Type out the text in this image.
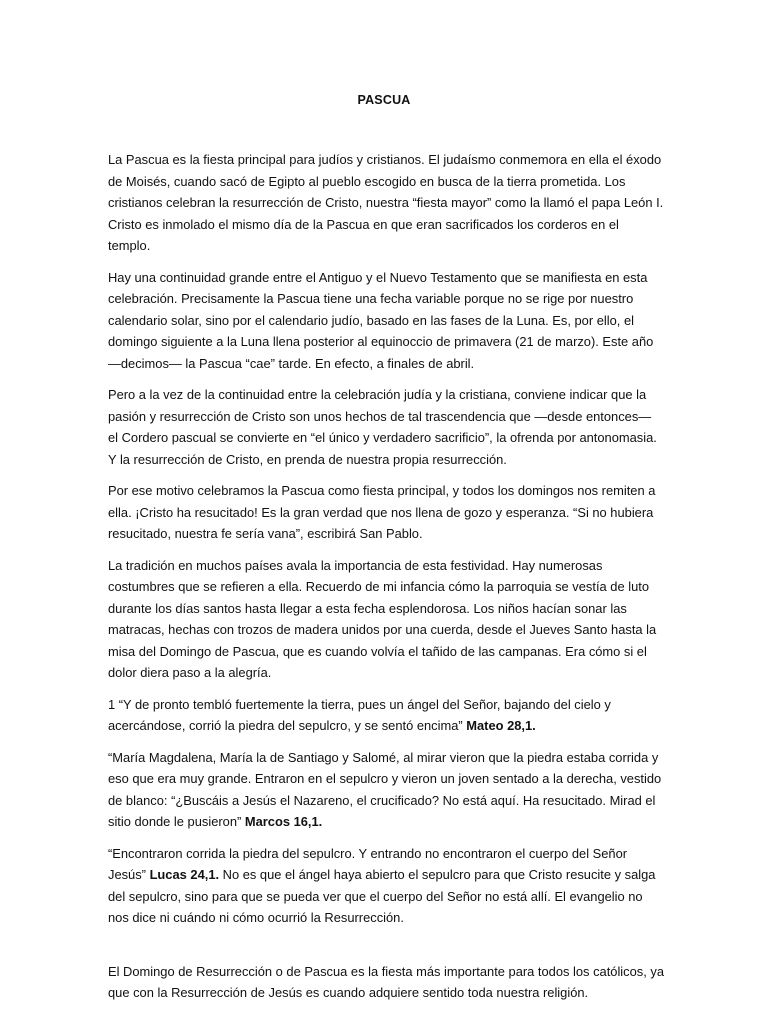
PASCUA

La Pascua es la fiesta principal para judíos y cristianos. El judaísmo conmemora en ella el éxodo de Moisés, cuando sacó de Egipto al pueblo escogido en busca de la tierra prometida. Los cristianos celebran la resurrección de Cristo, nuestra “fiesta mayor” como la llamó el papa León I. Cristo es inmolado el mismo día de la Pascua en que eran sacrificados los corderos en el templo.

Hay una continuidad grande entre el Antiguo y el Nuevo Testamento que se manifiesta en esta celebración. Precisamente la Pascua tiene una fecha variable porque no se rige por nuestro calendario solar, sino por el calendario judío, basado en las fases de la Luna. Es, por ello, el domingo siguiente a la Luna llena posterior al equinoccio de primavera (21 de marzo). Este año —decimos— la Pascua “cae” tarde. En efecto, a finales de abril.

Pero a la vez de la continuidad entre la celebración judía y la cristiana, conviene indicar que la pasión y resurrección de Cristo son unos hechos de tal trascendencia que —desde entonces— el Cordero pascual se convierte en “el único y verdadero sacrificio”, la ofrenda por antonomasia. Y la resurrección de Cristo, en prenda de nuestra propia resurrección.

Por ese motivo celebramos la Pascua como fiesta principal, y todos los domingos nos remiten a ella. ¡Cristo ha resucitado! Es la gran verdad que nos llena de gozo y esperanza. “Si no hubiera resucitado, nuestra fe sería vana”, escribirá San Pablo.

La tradición en muchos países avala la importancia de esta festividad. Hay numerosas costumbres que se refieren a ella. Recuerdo de mi infancia cómo la parroquia se vestía de luto durante los días santos hasta llegar a esta fecha esplendorosa. Los niños hacían sonar las matracas, hechas con trozos de madera unidos por una cuerda, desde el Jueves Santo hasta la misa del Domingo de Pascua, que es cuando volvía el tañido de las campanas. Era cómo si el dolor diera paso a la alegría.

1 “Y de pronto tembló fuertemente la tierra, pues un ángel del Señor, bajando del cielo y acercándose, corrió la piedra del sepulcro, y se sentó encima” Mateo 28,1.

“María Magdalena, María la de Santiago y Salomé, al mirar vieron que la piedra estaba corrida y eso que era muy grande. Entraron en el sepulcro y vieron un joven sentado a la derecha, vestido de blanco: “¿Buscáis a Jesús el Nazareno, el crucificado? No está aquí. Ha resucitado. Mirad el sitio donde le pusieron” Marcos 16,1.

“Encontraron corrida la piedra del sepulcro. Y entrando no encontraron el cuerpo del Señor Jesús” Lucas 24,1. No es que el ángel haya abierto el sepulcro para que Cristo resucite y salga del sepulcro, sino para que se pueda ver que el cuerpo del Señor no está allí. El evangelio no nos dice ni cuándo ni cómo ocurrió la Resurrección.

El Domingo de Resurrección o de Pascua es la fiesta más importante para todos los católicos, ya que con la Resurrección de Jesús es cuando adquiere sentido toda nuestra religión.
